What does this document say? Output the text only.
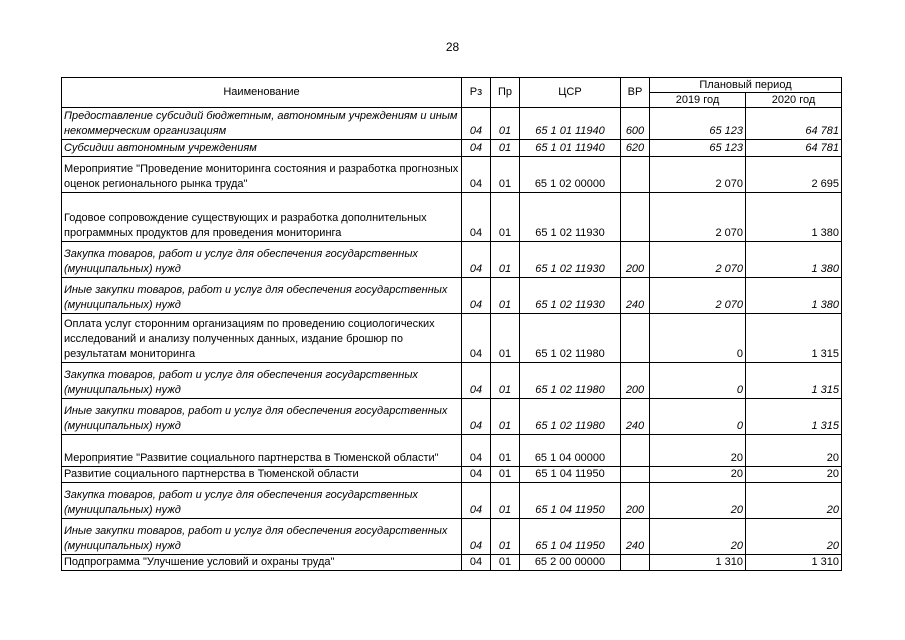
28
Наименование	Рз	Пр	ЦСР	ВР	Плановый период	
					2019 год	2020 год
Предоставление субсидий бюджетным, автономным учреждениям и иным некоммерческим организациям	04	01	65 1 01 11940	600	65 123	64 781
Субсидии автономным учреждениям	04	01	65 1 01 11940	620	65 123	64 781
Мероприятие "Проведение мониторинга состояния и разработка прогнозных оценок регионального рынка труда"	04	01	65 1 02 00000		2 070	2 695
Годовое сопровождение существующих и разработка дополнительных программных продуктов для проведения мониторинга	04	01	65 1 02 11930		2 070	1 380
Закупка товаров, работ и услуг для обеспечения государственных (муниципальных) нужд	04	01	65 1 02 11930	200	2 070	1 380
Иные закупки товаров, работ и услуг для обеспечения государственных (муниципальных) нужд	04	01	65 1 02 11930	240	2 070	1 380
Оплата услуг сторонним организациям по проведению социологических исследований и анализу полученных данных, издание брошюр по результатам мониторинга	04	01	65 1 02 11980		0	1 315
Закупка товаров, работ и услуг для обеспечения государственных (муниципальных) нужд	04	01	65 1 02 11980	200	0	1 315
Иные закупки товаров, работ и услуг для обеспечения государственных (муниципальных) нужд	04	01	65 1 02 11980	240	0	1 315
Мероприятие "Развитие социального партнерства в Тюменской области"	04	01	65 1 04 00000		20	20
Развитие социального партнерства в Тюменской области	04	01	65 1 04 11950		20	20
Закупка товаров, работ и услуг для обеспечения государственных (муниципальных) нужд	04	01	65 1 04 11950	200	20	20
Иные закупки товаров, работ и услуг для обеспечения государственных (муниципальных) нужд	04	01	65 1 04 11950	240	20	20
Подпрограмма "Улучшение условий и охраны труда"	04	01	65 2 00 00000		1 310	1 310
